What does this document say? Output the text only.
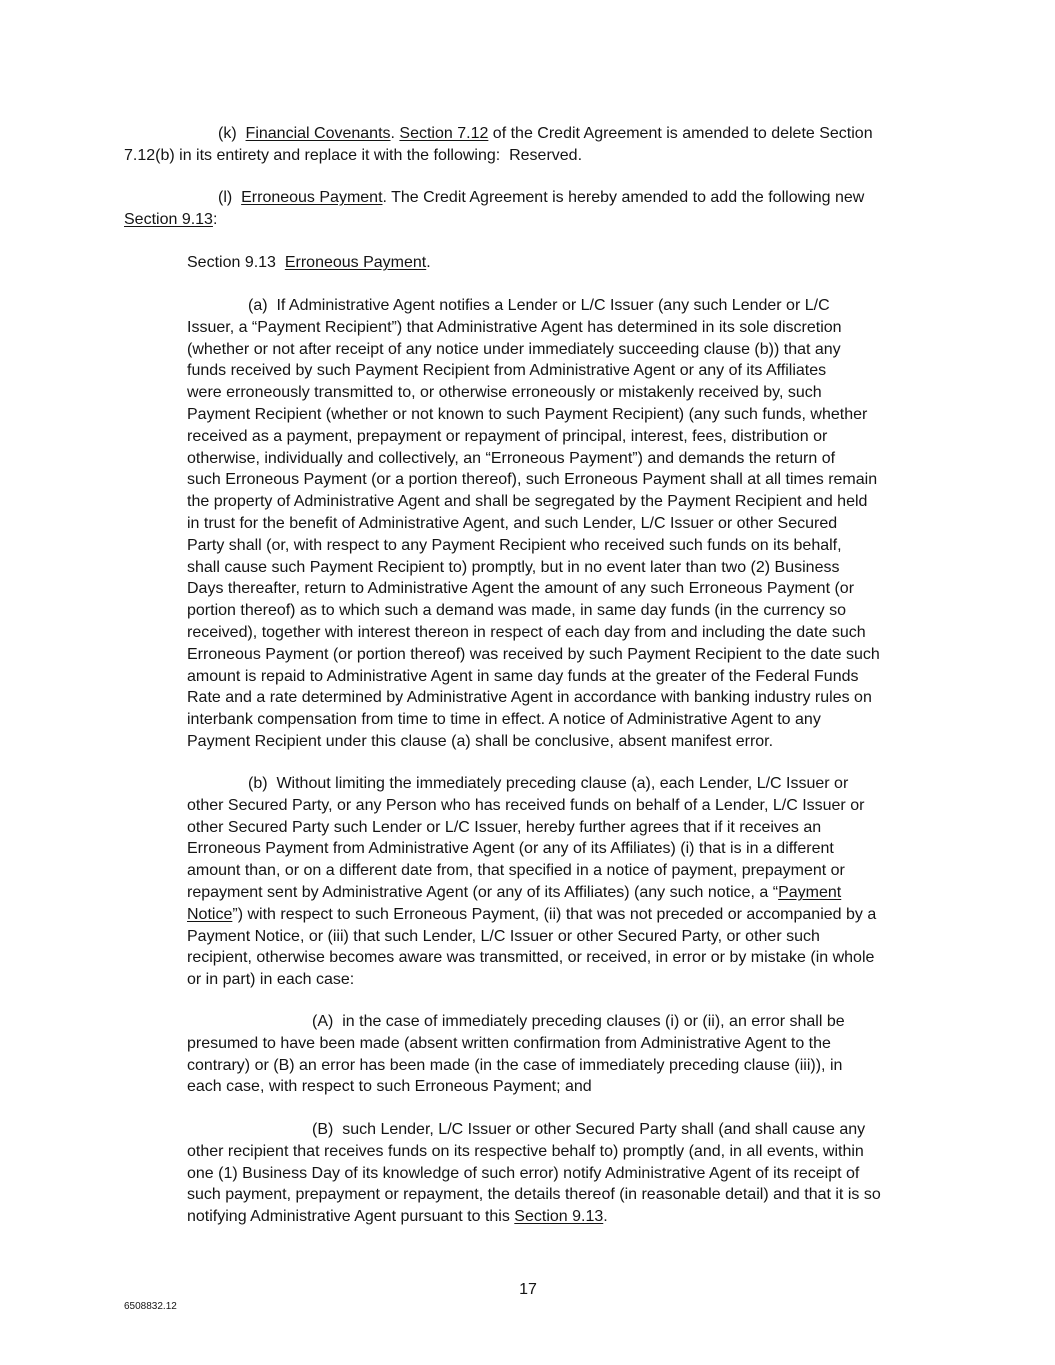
(k)  Financial Covenants. Section 7.12 of the Credit Agreement is amended to delete Section
7.12(b) in its entirety and replace it with the following:  Reserved.
(l)  Erroneous Payment. The Credit Agreement is hereby amended to add the following new
Section 9.13:
Section 9.13  Erroneous Payment.
(a)  If Administrative Agent notifies a Lender or L/C Issuer (any such Lender or L/C
Issuer, a “Payment Recipient”) that Administrative Agent has determined in its sole discretion
(whether or not after receipt of any notice under immediately succeeding clause (b)) that any
funds received by such Payment Recipient from Administrative Agent or any of its Affiliates
were erroneously transmitted to, or otherwise erroneously or mistakenly received by, such
Payment Recipient (whether or not known to such Payment Recipient) (any such funds, whether
received as a payment, prepayment or repayment of principal, interest, fees, distribution or
otherwise, individually and collectively, an “Erroneous Payment”) and demands the return of
such Erroneous Payment (or a portion thereof), such Erroneous Payment shall at all times remain
the property of Administrative Agent and shall be segregated by the Payment Recipient and held
in trust for the benefit of Administrative Agent, and such Lender, L/C Issuer or other Secured
Party shall (or, with respect to any Payment Recipient who received such funds on its behalf,
shall cause such Payment Recipient to) promptly, but in no event later than two (2) Business
Days thereafter, return to Administrative Agent the amount of any such Erroneous Payment (or
portion thereof) as to which such a demand was made, in same day funds (in the currency so
received), together with interest thereon in respect of each day from and including the date such
Erroneous Payment (or portion thereof) was received by such Payment Recipient to the date such
amount is repaid to Administrative Agent in same day funds at the greater of the Federal Funds
Rate and a rate determined by Administrative Agent in accordance with banking industry rules on
interbank compensation from time to time in effect. A notice of Administrative Agent to any
Payment Recipient under this clause (a) shall be conclusive, absent manifest error.
(b)  Without limiting the immediately preceding clause (a), each Lender, L/C Issuer or
other Secured Party, or any Person who has received funds on behalf of a Lender, L/C Issuer or
other Secured Party such Lender or L/C Issuer, hereby further agrees that if it receives an
Erroneous Payment from Administrative Agent (or any of its Affiliates) (i) that is in a different
amount than, or on a different date from, that specified in a notice of payment, prepayment or
repayment sent by Administrative Agent (or any of its Affiliates) (any such notice, a “Payment
Notice”) with respect to such Erroneous Payment, (ii) that was not preceded or accompanied by a
Payment Notice, or (iii) that such Lender, L/C Issuer or other Secured Party, or other such
recipient, otherwise becomes aware was transmitted, or received, in error or by mistake (in whole
or in part) in each case:
(A)  in the case of immediately preceding clauses (i) or (ii), an error shall be
presumed to have been made (absent written confirmation from Administrative Agent to the
contrary) or (B) an error has been made (in the case of immediately preceding clause (iii)), in
each case, with respect to such Erroneous Payment; and
(B)  such Lender, L/C Issuer or other Secured Party shall (and shall cause any
other recipient that receives funds on its respective behalf to) promptly (and, in all events, within
one (1) Business Day of its knowledge of such error) notify Administrative Agent of its receipt of
such payment, prepayment or repayment, the details thereof (in reasonable detail) and that it is so
notifying Administrative Agent pursuant to this Section 9.13.
17
6508832.12
